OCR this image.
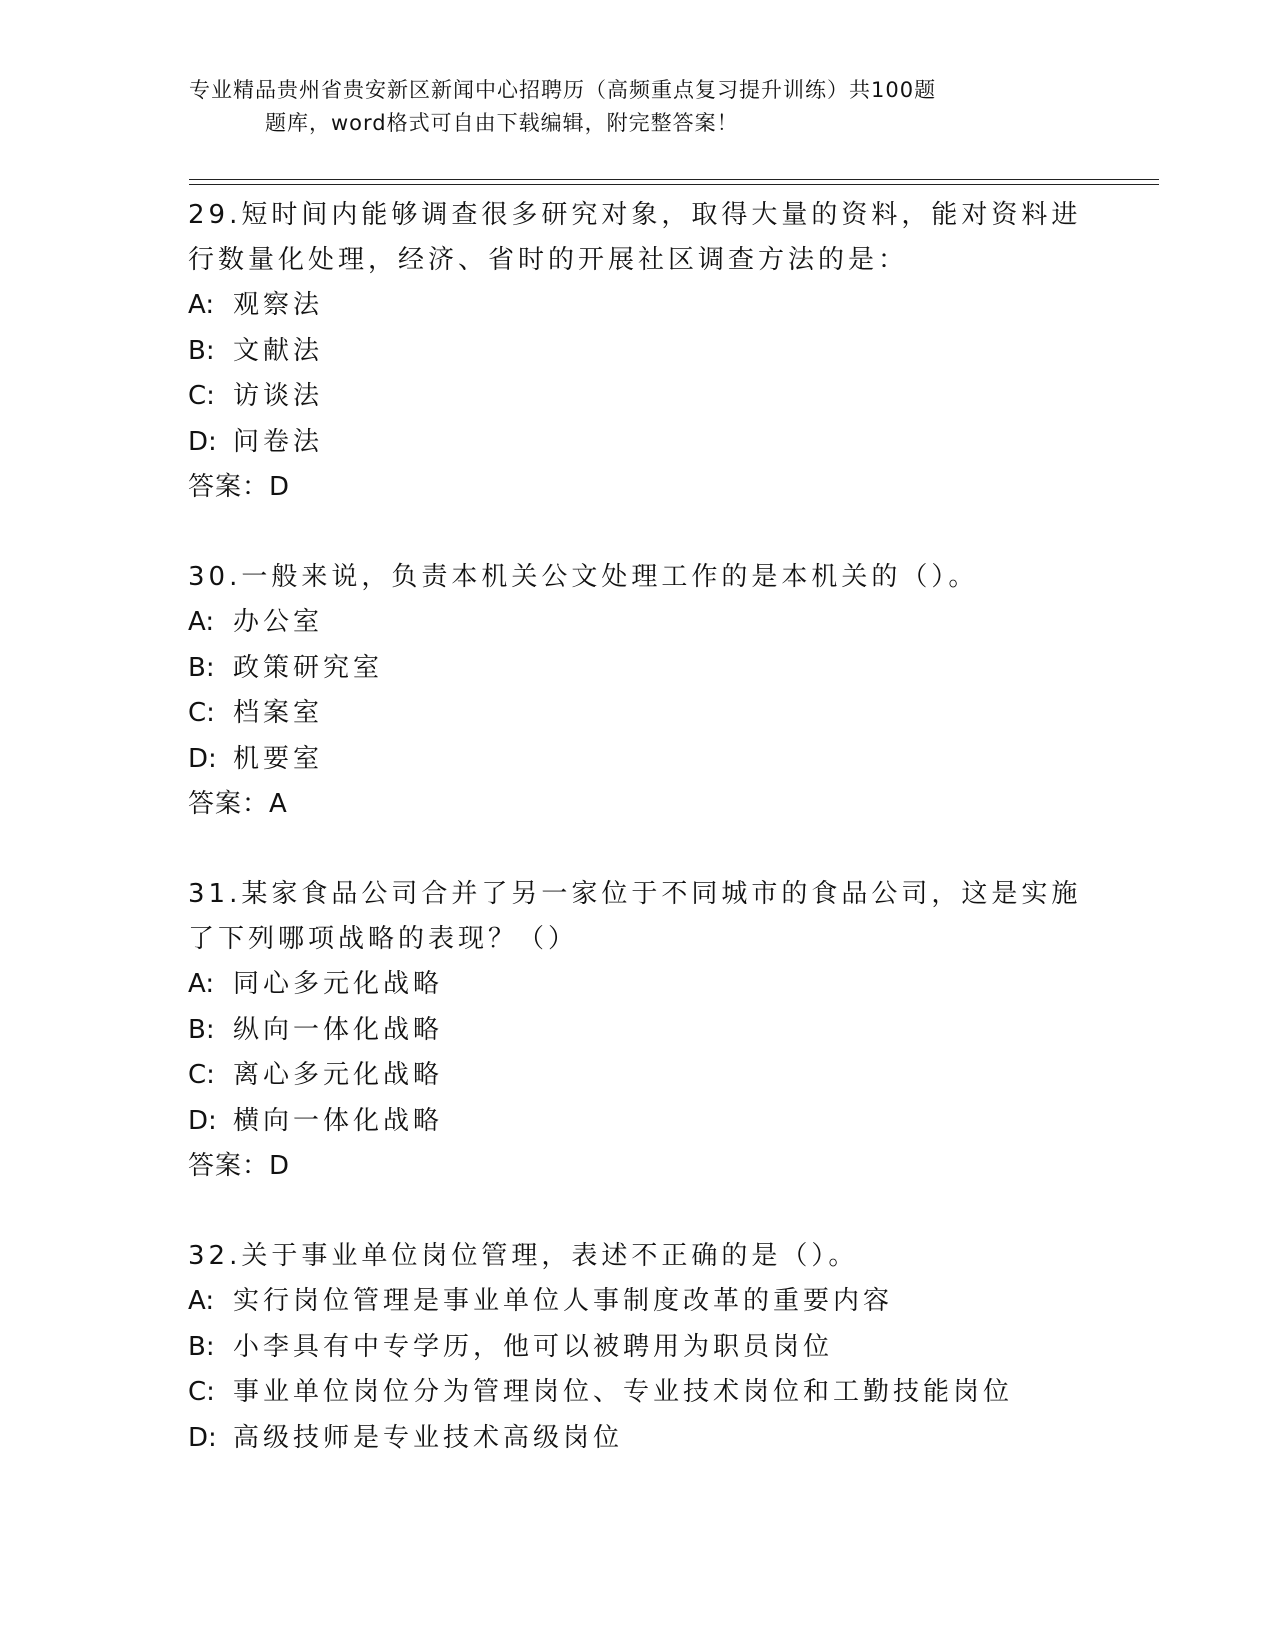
专业精品贵州省贵安新区新闻中心招聘历（高频重点复习提升训练）共100题
题库，word格式可自由下载编辑，附完整答案！
29.短时间内能够调查很多研究对象，取得大量的资料，能对资料进行数量化处理，经济、省时的开展社区调查方法的是：
A: 观察法
B: 文献法
C: 访谈法
D: 问卷法
答案：D
30.一般来说，负责本机关公文处理工作的是本机关的（）。
A: 办公室
B: 政策研究室
C: 档案室
D: 机要室
答案：A
31.某家食品公司合并了另一家位于不同城市的食品公司，这是实施了下列哪项战略的表现？（）
A: 同心多元化战略
B: 纵向一体化战略
C: 离心多元化战略
D: 横向一体化战略
答案：D
32.关于事业单位岗位管理，表述不正确的是（）。
A: 实行岗位管理是事业单位人事制度改革的重要内容
B: 小李具有中专学历，他可以被聘用为职员岗位
C: 事业单位岗位分为管理岗位、专业技术岗位和工勤技能岗位
D: 高级技师是专业技术高级岗位
